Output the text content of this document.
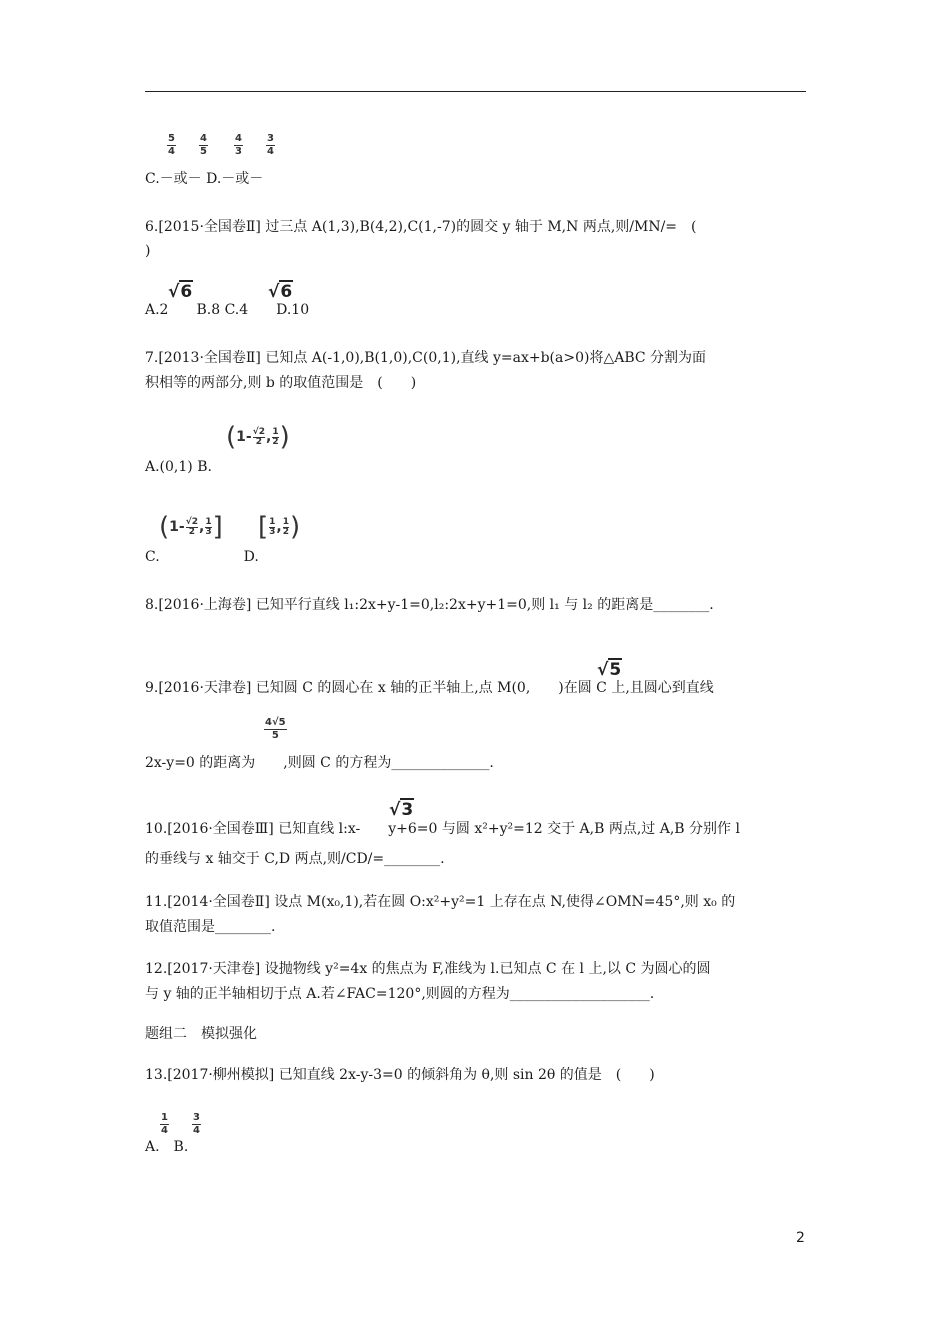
$\frac{5}{4} \frac{4}{5}$	$\frac{4}{3} \frac{3}{4}$
C.－或－ D.－或－
6.[2015·全国卷Ⅱ] 过三点 A(1,3),B(4,2),C(1,-7)的圆交 y 轴于 M,N 两点,则/MN/=　(
)
√6	√6
A.2　　B.8 C.4　　D.10
7.[2013·全国卷Ⅱ] 已知点 A(-1,0),B(1,0),C(0,1),直线 y=ax+b(a>0)将△ABC 分割为面
积相等的两部分,则 b 的取值范围是　(　　)
( 1- √2
2 , 1
2 )
A.(0,1) B.
( 1- √2
2 , 1
3 ] [ 1
3 , 1
2 )
C.　　　　　　D.
8.[2016·上海卷] 已知平行直线 l₁:2x+y-1=0,l₂:2x+y+1=0,则 l₁ 与 l₂ 的距离是________.
√5
9.[2016·天津卷] 已知圆 C 的圆心在 x 轴的正半轴上,点 M(0,　　)在圆 C 上,且圆心到直线
$\frac{4√5}{5}$
2x-y=0 的距离为　　,则圆 C 的方程为______________.
√3
10.[2016·全国卷Ⅲ] 已知直线 l:x-　　y+6=0 与圆 x²+y²=12 交于 A,B 两点,过 A,B 分别作 l
的垂线与 x 轴交于 C,D 两点,则/CD/=________.
11.[2014·全国卷Ⅱ] 设点 M(x₀,1),若在圆 O:x²+y²=1 上存在点 N,使得∠OMN=45°,则 x₀ 的
取值范围是________.
12.[2017·天津卷] 设抛物线 y²=4x 的焦点为 F,准线为 l.已知点 C 在 l 上,以 C 为圆心的圆
与 y 轴的正半轴相切于点 A.若∠FAC=120°,则圆的方程为____________________.
题组二　模拟强化
13.[2017·柳州模拟] 已知直线 2x-y-3=0 的倾斜角为 θ,则 sin 2θ 的值是　(　　)
$\frac{1}{4} \frac{3}{4}$
A.　B.
2
